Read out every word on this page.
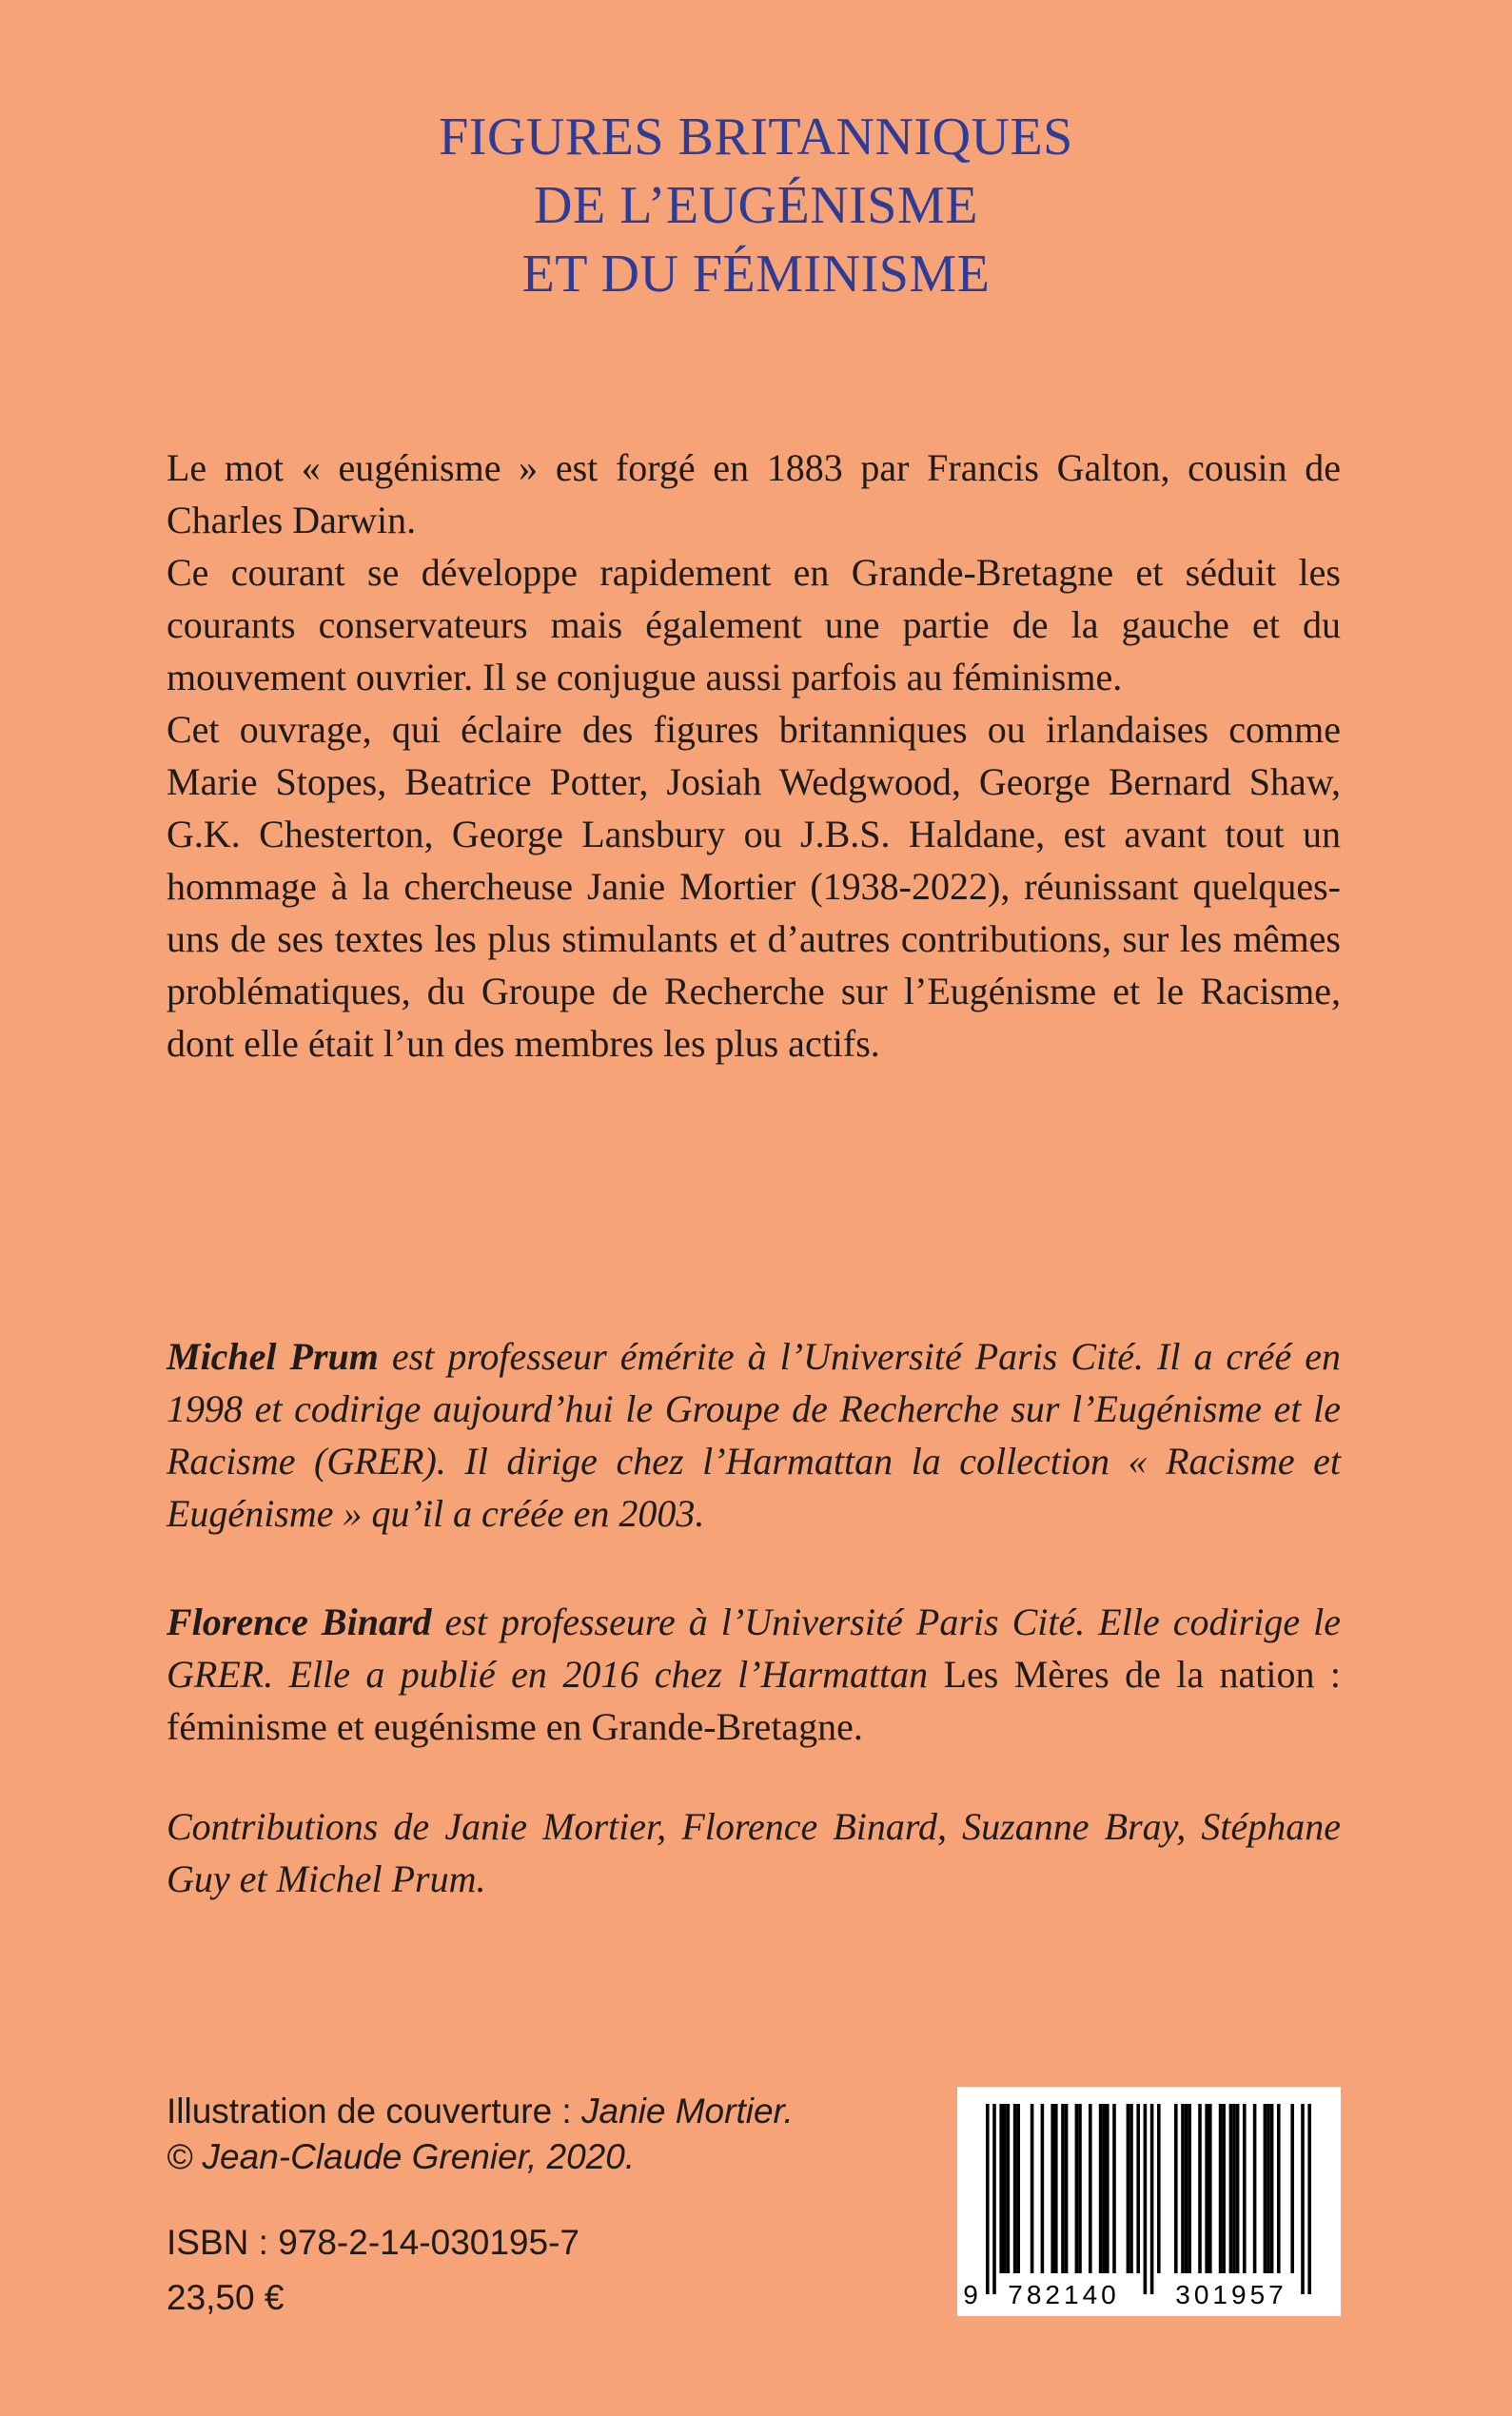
FIGURES BRITANNIQUES
DE L’EUGÉNISME
ET DU FÉMINISME

Le mot « eugénisme » est forgé en 1883 par Francis Galton, cousin de Charles Darwin.

Ce courant se développe rapidement en Grande-Bretagne et séduit les courants conservateurs mais également une partie de la gauche et du mouvement ouvrier. Il se conjugue aussi parfois au féminisme.

Cet ouvrage, qui éclaire des figures britanniques ou irlandaises comme Marie Stopes, Beatrice Potter, Josiah Wedgwood, George Bernard Shaw, G.K. Chesterton, George Lansbury ou J.B.S. Haldane, est avant tout un hommage à la chercheuse Janie Mortier (1938-2022), réunissant quelques-uns de ses textes les plus stimulants et d’autres contributions, sur les mêmes problématiques, du Groupe de Recherche sur l’Eugénisme et le Racisme, dont elle était l’un des membres les plus actifs.

Michel Prum est professeur émérite à l’Université Paris Cité. Il a créé en 1998 et codirige aujourd’hui le Groupe de Recherche sur l’Eugénisme et le Racisme (GRER). Il dirige chez l’Harmattan la collection « Racisme et Eugénisme » qu’il a créée en 2003.
Florence Binard est professeure à l’Université Paris Cité. Elle codirige le GRER. Elle a publié en 2016 chez l’Harmattan Les Mères de la nation : féminisme et eugénisme en Grande-Bretagne.
Contributions de Janie Mortier, Florence Binard, Suzanne Bray, Stéphane Guy et Michel Prum.

Illustration de couverture : Janie Mortier.

© Jean-Claude Grenier, 2020.

ISBN : 978-2-14-030195-7
23,50 €	9 782140 301957
